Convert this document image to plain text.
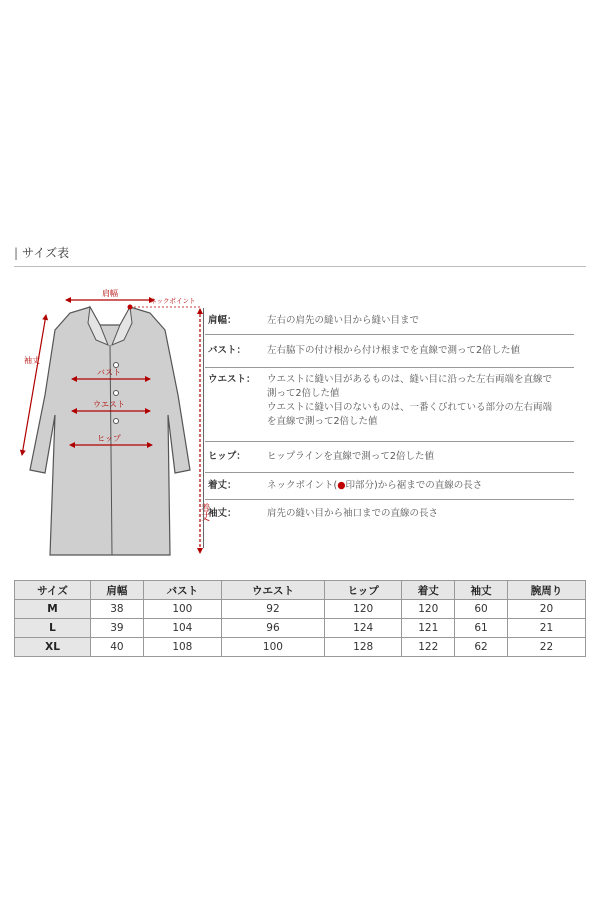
| サイズ表
肩幅
ネックポイント
袖丈
バスト
ウエスト
ヒップ
着丈
肩幅：	左右の肩先の縫い目から縫い目まで
バスト：	左右脇下の付け根から付け根までを直線で測って2倍した値
ウエスト：	ウエストに縫い目があるものは、縫い目に沿った左右両端を直線で
測って2倍した値
ウエストに縫い目のないものは、一番くびれている部分の左右両端
を直線で測って2倍した値
ヒップ：	ヒップラインを直線で測って2倍した値
着丈：	ネックポイント(●印部分)から裾までの直線の長さ
袖丈：	肩先の縫い目から袖口までの直線の長さ
サイズ	肩幅	バスト	ウエスト	ヒップ	着丈	袖丈	腕周り
M	38	100	92	120	120	60	20
L	39	104	96	124	121	61	21
XL	40	108	100	128	122	62	22
